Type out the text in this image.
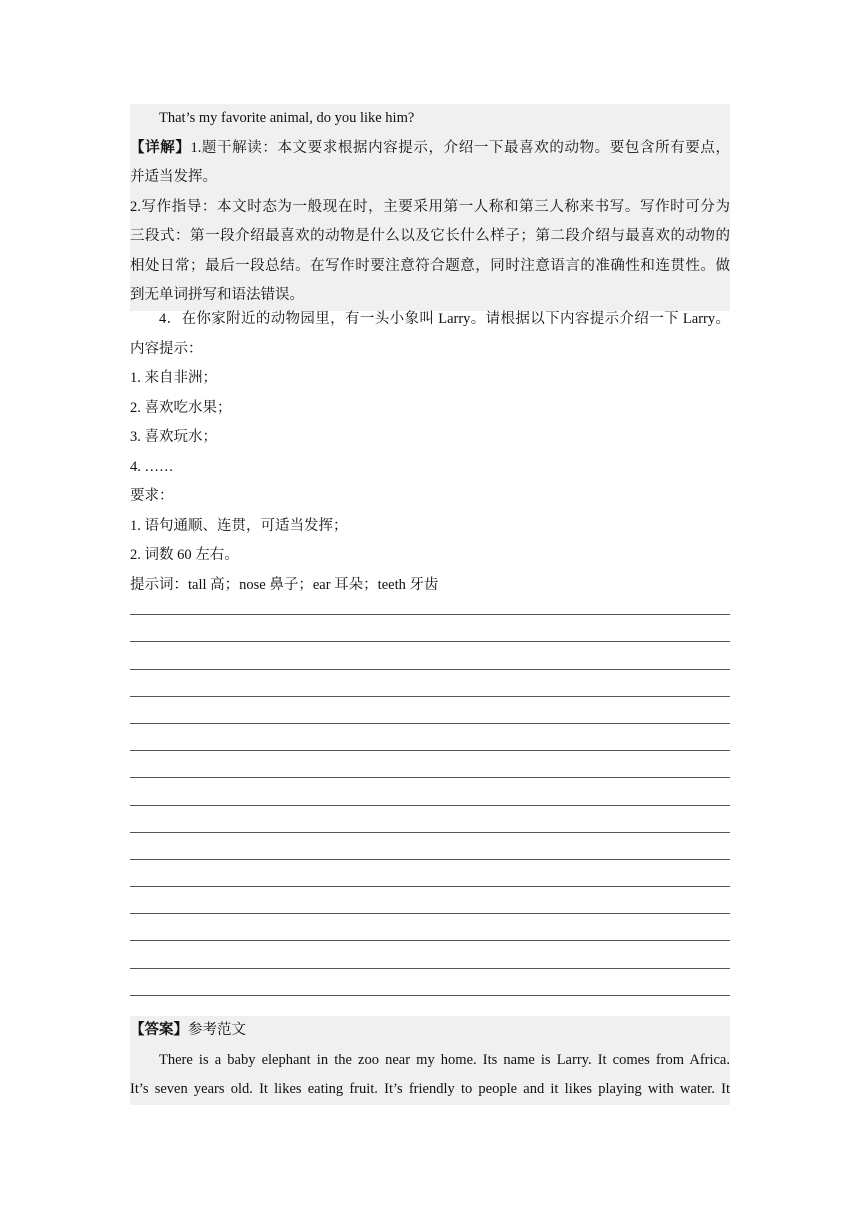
That’s my favorite animal, do you like him?
【详解】1.题干解读：本文要求根据内容提示，介绍一下最喜欢的动物。要包含所有要点，
并适当发挥。
2.写作指导：本文时态为一般现在时，主要采用第一人称和第三人称来书写。写作时可分为
三段式：第一段介绍最喜欢的动物是什么以及它长什么样子；第二段介绍与最喜欢的动物的
相处日常；最后一段总结。在写作时要注意符合题意，同时注意语言的准确性和连贯性。做
到无单词拼写和语法错误。
4．在你家附近的动物园里，有一头小象叫 Larry。请根据以下内容提示介绍一下 Larry。
内容提示：
1. 来自非洲；
2. 喜欢吃水果；
3. 喜欢玩水；
4. ……
要求：
1. 语句通顺、连贯，可适当发挥；
2. 词数 60 左右。
提示词：tall 高；nose 鼻子；ear 耳朵；teeth 牙齿
【答案】参考范文
There is a baby elephant in the zoo near my home. Its name is Larry. It comes from Africa.
It’s seven years old. It likes eating fruit. It’s friendly to people and it likes playing with water. It
